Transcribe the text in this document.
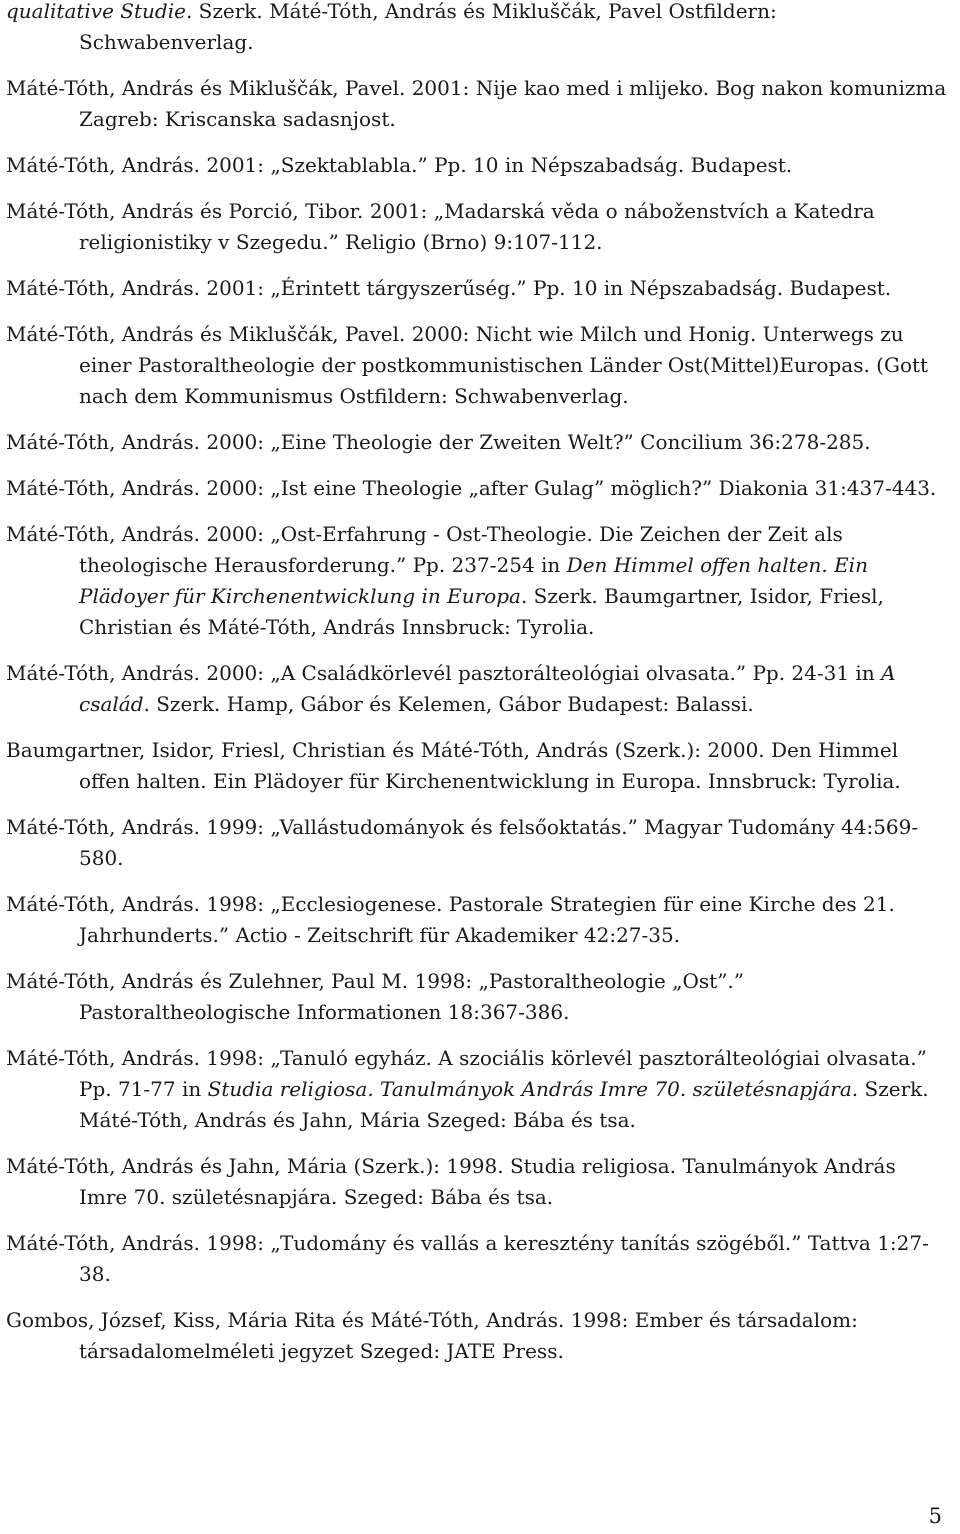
qualitative Studie. Szerk. Máté-Tóth, András és Mikluščák, Pavel Ostfildern: Schwabenverlag.
Máté-Tóth, András és Mikluščák, Pavel. 2001: Nije kao med i mlijeko. Bog nakon komunizma Zagreb: Kriscanska sadasnjost.
Máté-Tóth, András. 2001: „Szektablabla.” Pp. 10 in Népszabadság. Budapest.
Máté-Tóth, András és Porció, Tibor. 2001: „Madarská věda o náboženstvích a Katedra religionistiky v Szegedu.” Religio (Brno) 9:107-112.
Máté-Tóth, András. 2001: „Érintett tárgyszerűség.” Pp. 10 in Népszabadság. Budapest.
Máté-Tóth, András és Mikluščák, Pavel. 2000: Nicht wie Milch und Honig. Unterwegs zu einer Pastoraltheologie der postkommunistischen Länder Ost(Mittel)Europas. (Gott nach dem Kommunismus Ostfildern: Schwabenverlag.
Máté-Tóth, András. 2000: „Eine Theologie der Zweiten Welt?” Concilium 36:278-285.
Máté-Tóth, András. 2000: „Ist eine Theologie „after Gulag” möglich?” Diakonia 31:437-443.
Máté-Tóth, András. 2000: „Ost-Erfahrung - Ost-Theologie. Die Zeichen der Zeit als theologische Herausforderung.” Pp. 237-254 in Den Himmel offen halten. Ein Plädoyer für Kirchenentwicklung in Europa. Szerk. Baumgartner, Isidor, Friesl, Christian és Máté-Tóth, András Innsbruck: Tyrolia.
Máté-Tóth, András. 2000: „A Családkörlevél pasztorálteológiai olvasata.” Pp. 24-31 in A család. Szerk. Hamp, Gábor és Kelemen, Gábor Budapest: Balassi.
Baumgartner, Isidor, Friesl, Christian és Máté-Tóth, András (Szerk.): 2000. Den Himmel offen halten. Ein Plädoyer für Kirchenentwicklung in Europa. Innsbruck: Tyrolia.
Máté-Tóth, András. 1999: „Vallástudományok és felsőoktatás.” Magyar Tudomány 44:569-580.
Máté-Tóth, András. 1998: „Ecclesiogenese. Pastorale Strategien für eine Kirche des 21. Jahrhunderts.” Actio - Zeitschrift für Akademiker 42:27-35.
Máté-Tóth, András és Zulehner, Paul M. 1998: „Pastoraltheologie „Ost”.” Pastoraltheologische Informationen 18:367-386.
Máté-Tóth, András. 1998: „Tanuló egyház. A szociális körlevél pasztorálteológiai olvasata.” Pp. 71-77 in Studia religiosa. Tanulmányok András Imre 70. születésnapjára. Szerk. Máté-Tóth, András és Jahn, Mária Szeged: Bába és tsa.
Máté-Tóth, András és Jahn, Mária (Szerk.): 1998. Studia religiosa. Tanulmányok András Imre 70. születésnapjára. Szeged: Bába és tsa.
Máté-Tóth, András. 1998: „Tudomány és vallás a keresztény tanítás szögéből.” Tattva 1:27-38.
Gombos, József, Kiss, Mária Rita és Máté-Tóth, András. 1998: Ember és társadalom: társadalomelméleti jegyzet Szeged: JATE Press.
5
